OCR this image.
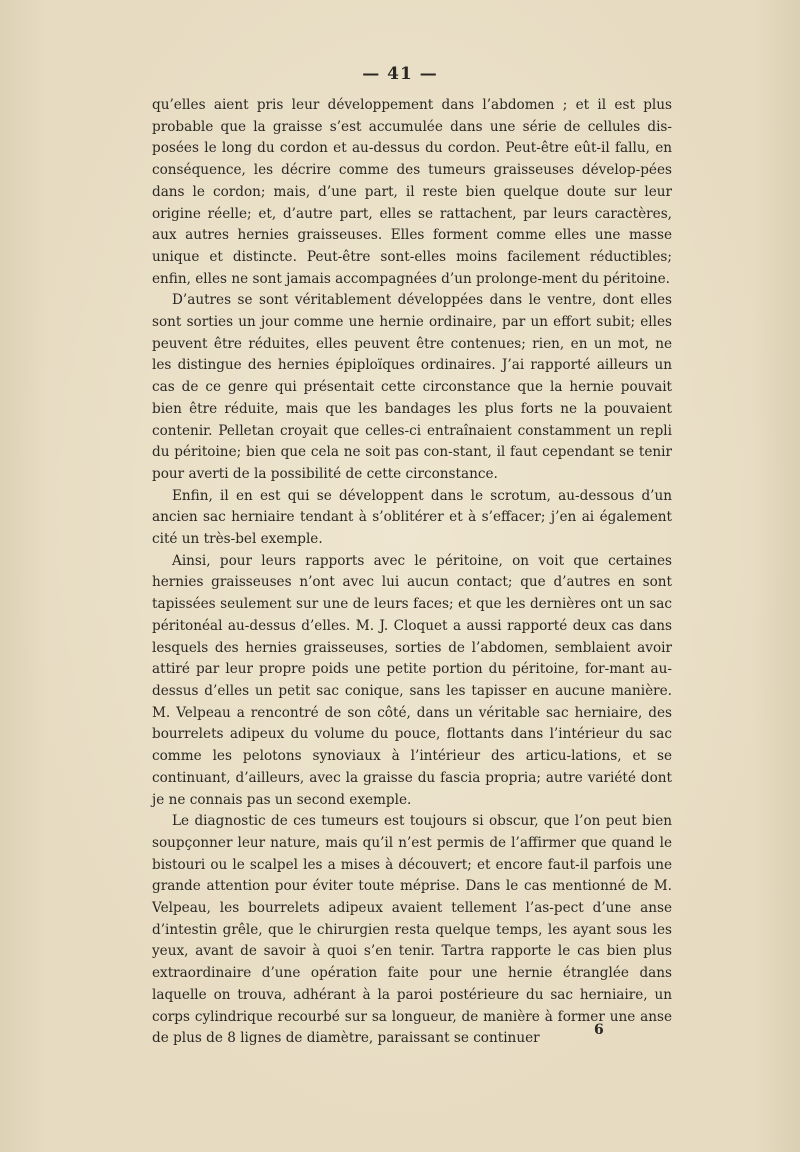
— 41 —

qu’elles aient pris leur développement dans l’abdomen ; et il est plus probable que la graisse s’est accumulée dans une série de cellules dis-posées le long du cordon et au-dessus du cordon. Peut-être eût-il fallu, en conséquence, les décrire comme des tumeurs graisseuses dévelop-pées dans le cordon; mais, d’une part, il reste bien quelque doute sur leur origine réelle; et, d’autre part, elles se rattachent, par leurs caractères, aux autres hernies graisseuses. Elles forment comme elles une masse unique et distincte. Peut-être sont-elles moins facilement réductibles; enfin, elles ne sont jamais accompagnées d’un prolonge-ment du péritoine.

D’autres se sont véritablement développées dans le ventre, dont elles sont sorties un jour comme une hernie ordinaire, par un effort subit; elles peuvent être réduites, elles peuvent être contenues; rien, en un mot, ne les distingue des hernies épiploïques ordinaires. J’ai rapporté ailleurs un cas de ce genre qui présentait cette circonstance que la hernie pouvait bien être réduite, mais que les bandages les plus forts ne la pouvaient contenir. Pelletan croyait que celles-ci entraînaient constamment un repli du péritoine; bien que cela ne soit pas con-stant, il faut cependant se tenir pour averti de la possibilité de cette circonstance.

Enfin, il en est qui se développent dans le scrotum, au-dessous d’un ancien sac herniaire tendant à s’oblitérer et à s’effacer; j’en ai également cité un très-bel exemple.

Ainsi, pour leurs rapports avec le péritoine, on voit que certaines hernies graisseuses n’ont avec lui aucun contact; que d’autres en sont tapissées seulement sur une de leurs faces; et que les dernières ont un sac péritonéal au-dessus d’elles. M. J. Cloquet a aussi rapporté deux cas dans lesquels des hernies graisseuses, sorties de l’abdomen, semblaient avoir attiré par leur propre poids une petite portion du péritoine, for-mant au-dessus d’elles un petit sac conique, sans les tapisser en aucune manière. M. Velpeau a rencontré de son côté, dans un véritable sac herniaire, des bourrelets adipeux du volume du pouce, flottants dans l’intérieur du sac comme les pelotons synoviaux à l’intérieur des articu-lations, et se continuant, d’ailleurs, avec la graisse du fascia propria; autre variété dont je ne connais pas un second exemple.

Le diagnostic de ces tumeurs est toujours si obscur, que l’on peut bien soupçonner leur nature, mais qu’il n’est permis de l’affirmer que quand le bistouri ou le scalpel les a mises à découvert; et encore faut-il parfois une grande attention pour éviter toute méprise. Dans le cas mentionné de M. Velpeau, les bourrelets adipeux avaient tellement l’as-pect d’une anse d’intestin grêle, que le chirurgien resta quelque temps, les ayant sous les yeux, avant de savoir à quoi s’en tenir. Tartra rapporte le cas bien plus extraordinaire d’une opération faite pour une hernie étranglée dans laquelle on trouva, adhérant à la paroi postérieure du sac herniaire, un corps cylindrique recourbé sur sa longueur, de manière à former une anse de plus de 8 lignes de diamètre, paraissant se continuer

6
